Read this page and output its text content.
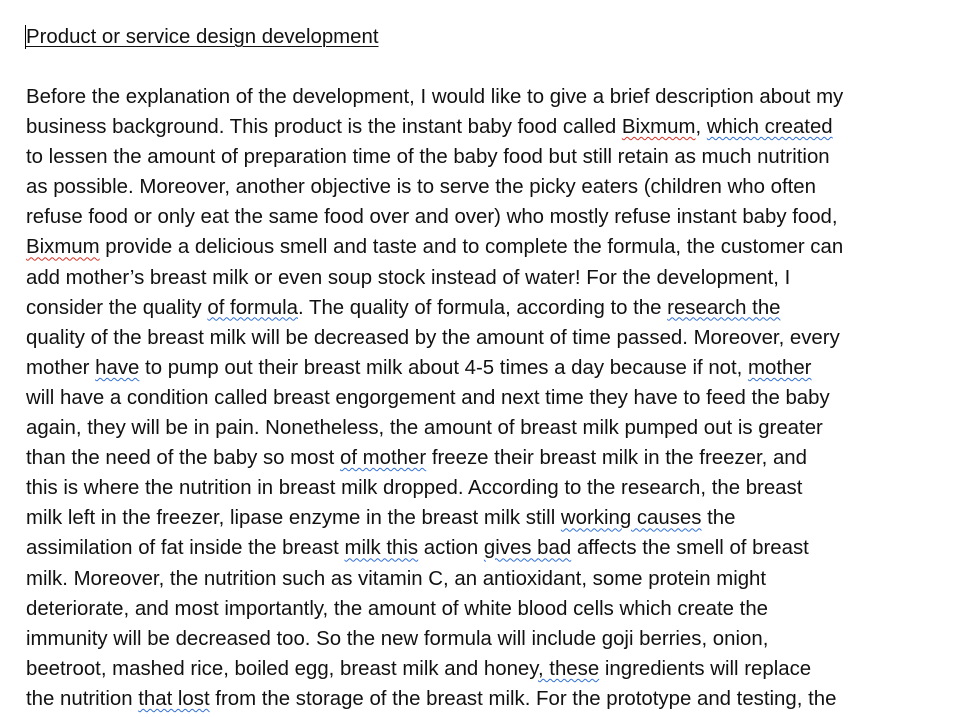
Product or service design development

Before the explanation of the development, I would like to give a brief description about my
business background. This product is the instant baby food called Bixmum, which created
to lessen the amount of preparation time of the baby food but still retain as much nutrition
as possible. Moreover, another objective is to serve the picky eaters (children who often
refuse food or only eat the same food over and over) who mostly refuse instant baby food,
Bixmum provide a delicious smell and taste and to complete the formula, the customer can
add mother’s breast milk or even soup stock instead of water! For the development, I
consider the quality of formula. The quality of formula, according to the research the
quality of the breast milk will be decreased by the amount of time passed. Moreover, every
mother have to pump out their breast milk about 4-5 times a day because if not, mother
will have a condition called breast engorgement and next time they have to feed the baby
again, they will be in pain. Nonetheless, the amount of breast milk pumped out is greater
than the need of the baby so most of mother freeze their breast milk in the freezer, and
this is where the nutrition in breast milk dropped. According to the research, the breast
milk left in the freezer, lipase enzyme in the breast milk still working causes the
assimilation of fat inside the breast milk this action gives bad affects the smell of breast
milk. Moreover, the nutrition such as vitamin C, an antioxidant, some protein might
deteriorate, and most importantly, the amount of white blood cells which create the
immunity will be decreased too. So the new formula will include goji berries, onion,
beetroot, mashed rice, boiled egg, breast milk and honey, these ingredients will replace
the nutrition that lost from the storage of the breast milk. For the prototype and testing, the
